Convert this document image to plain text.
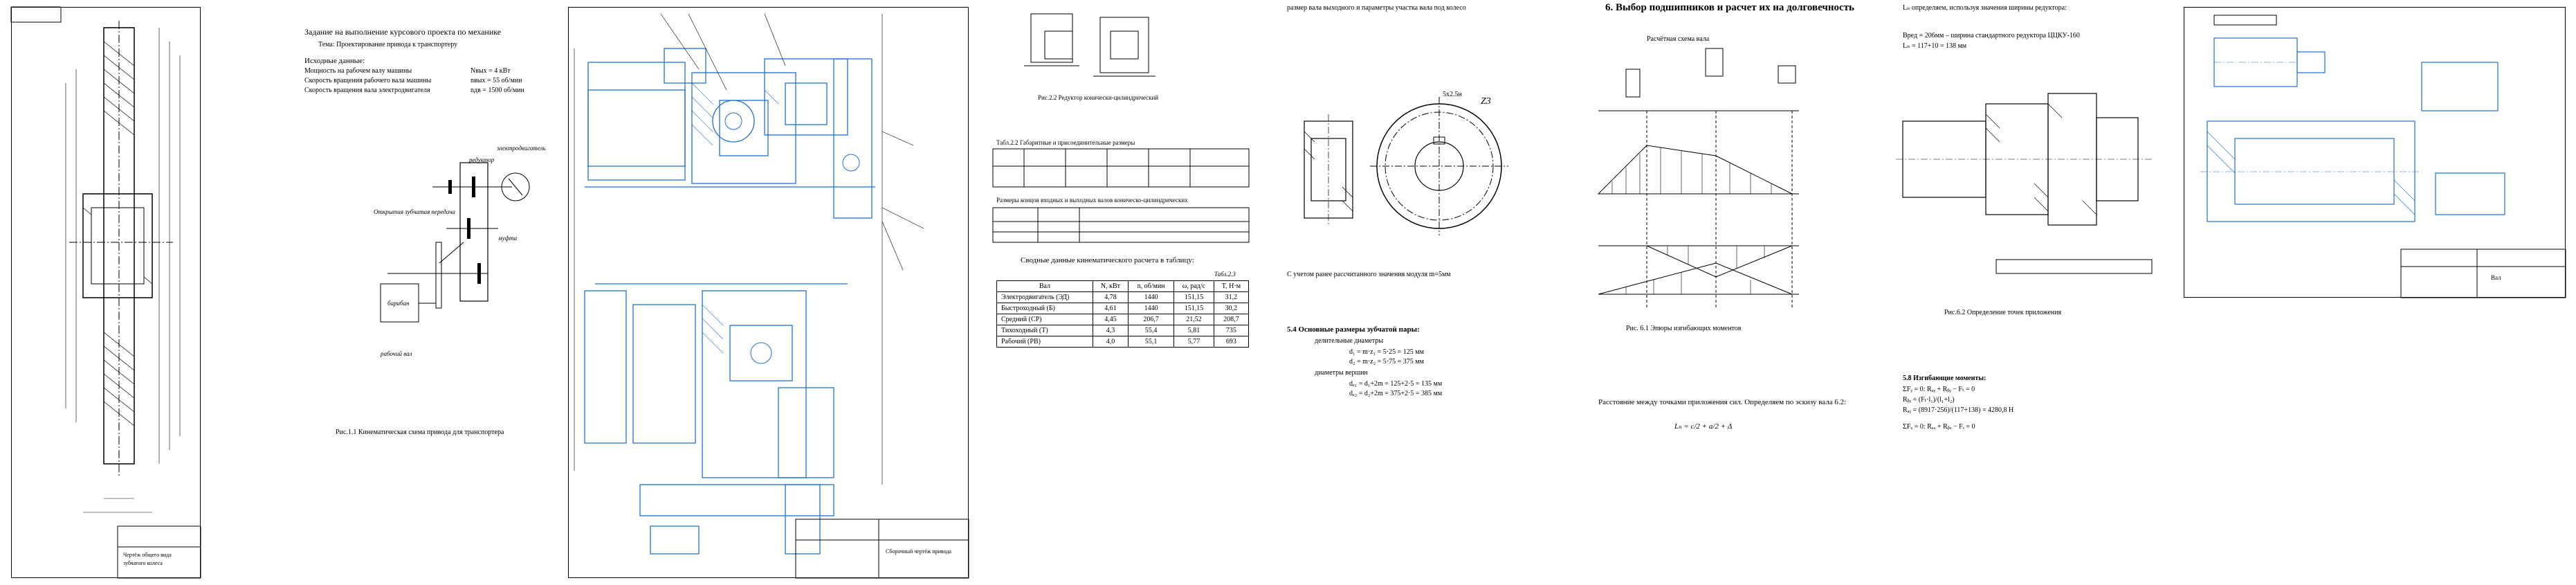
Чертёж общего вида
зубчатого колеса
Задание на выполнение курсового проекта по механике
Тема: Проектирование привода к транспортеру
Исходные данные:
Мощность на рабочем валу машины	Nвых = 4 кВт
Скорость вращения рабочего вала машины	nвых = 55 об/мин
Скорость вращения вала электродвигателя	nдв = 1500 об/мин
редуктор
электродвигатель
Открытая зубчатая передача
муфта
барабан
рабочий вал
Рис.1.1 Кинематическая схема привода для транспортера
Сборочный чертёж привода
Рис.2.2 Редуктор конически-цилиндрический
Табл.2.2 Габаритные и присоединительные размеры
Размеры концов входных и выходных валов коническо-цилиндрических
Сводные данные кинематического расчета в таблицу:
Табл.2.3
Вал	N, кВт	n, об/мин	ω, рад/с	T, Н·м
Электродвигатель (ЭД)	4,78	1440	151,15	31,2
Быстроходный (Б)	4,61	1440	151,15	30,2
Средний (СР)	4,45	206,7	21,52	208,7
Тихоходный (Т)	4,3	55,4	5,81	735
Рабочий (РВ)	4,0	55,1	5,77	693
размер вала выходного и параметры участка вала под колесо
Z3
5x2.5н
С учетом ранее рассчитанного значения модуля m=5мм
5.4 Основные размеры зубчатой пары:
делительные диаметры
d₁ = m·z₁ = 5·25 = 125 мм
d₂ = m·z₂ = 5·75 = 375 мм
диаметры вершин
dₐ₁ = d₁+2m = 125+2·5 = 135 мм
dₐ₂ = d₂+2m = 375+2·5 = 385 мм
6. Выбор подшипников и расчет их на долговечность
Расчётная схема вала
Рис. 6.1 Эпюры изгибающих моментов
Расстояние между точками приложения сил. Определяем по эскизу вала 6.2:
Lₙ = c/2 + a/2 + Δ
Lₙ определяем, используя значения ширины редуктора:
Bред = 206мм – ширина стандартного редуктора ЦЦКУ-160
Lₙ = 117+10 = 138 мм
Рис.6.2 Определение точек приложения
5.8 Изгибающие моменты:
ΣFᵧ = 0: Rₐᵧ + Rᵦᵧ − Fₜ = 0
Rᵦᵧ = (Fₜ·l₁)/(l₁+l₂)
Rₐᵧ = (8917·256)/(117+138) = 4280,8 Н
ΣFₓ = 0: Rₐₓ + Rᵦₓ − Fᵣ = 0
Вал
